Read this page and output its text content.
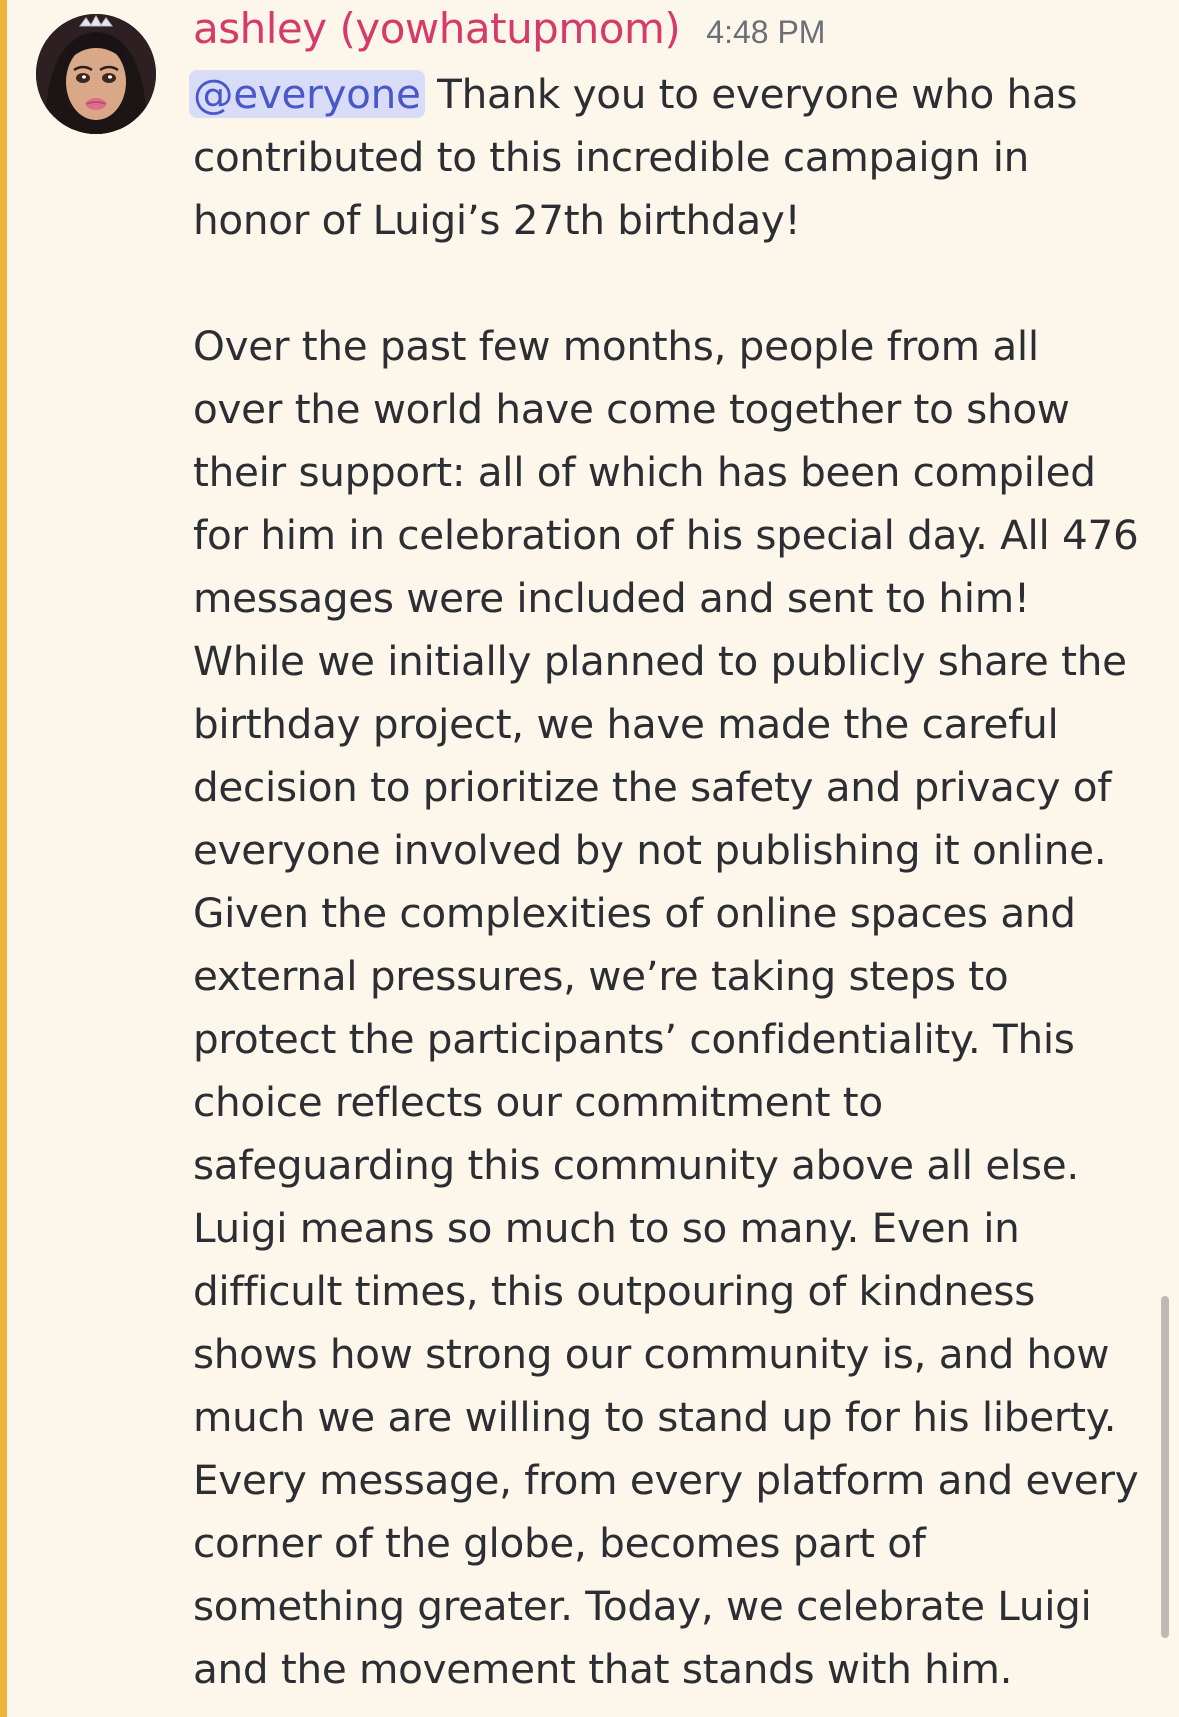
ashley (yowhatupmom) 4:48 PM
@everyone Thank you to everyone who has
contributed to this incredible campaign in
honor of Luigi’s 27th birthday!
Over the past few months, people from all
over the world have come together to show
their support: all of which has been compiled
for him in celebration of his special day. All 476
messages were included and sent to him!
While we initially planned to publicly share the
birthday project, we have made the careful
decision to prioritize the safety and privacy of
everyone involved by not publishing it online.
Given the complexities of online spaces and
external pressures, we’re taking steps to
protect the participants’ confidentiality. This
choice reflects our commitment to
safeguarding this community above all else.
Luigi means so much to so many. Even in
difficult times, this outpouring of kindness
shows how strong our community is, and how
much we are willing to stand up for his liberty.
Every message, from every platform and every
corner of the globe, becomes part of
something greater. Today, we celebrate Luigi
and the movement that stands with him.
